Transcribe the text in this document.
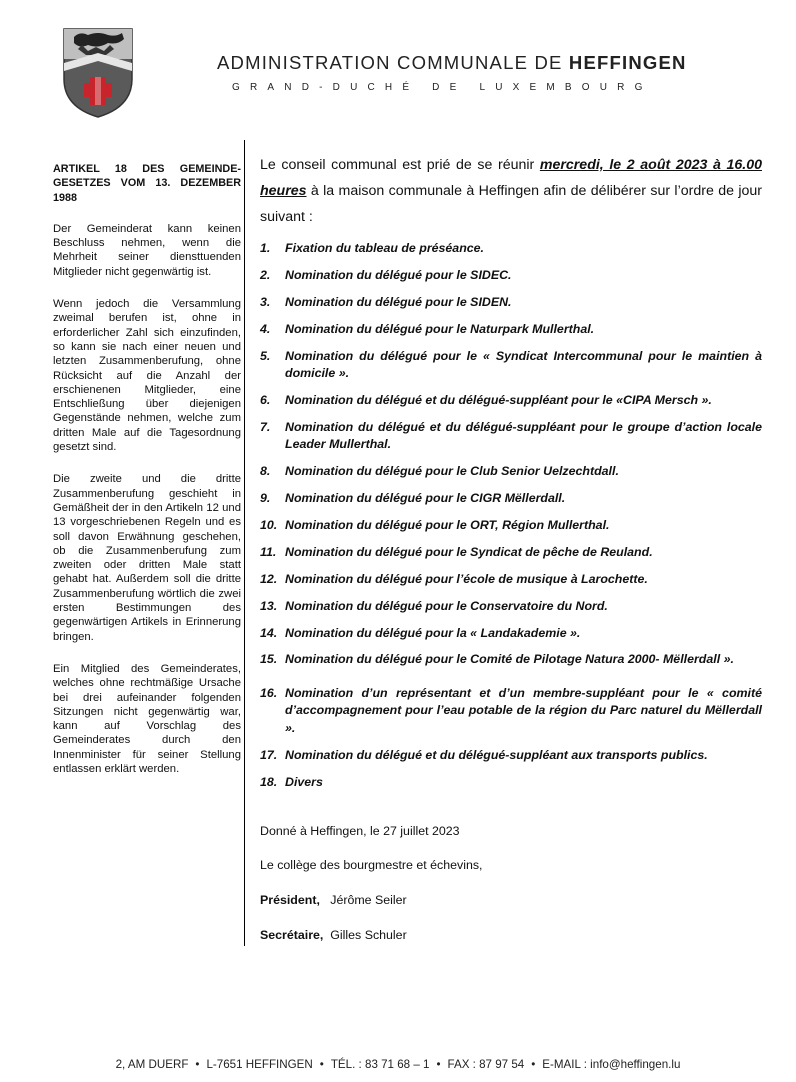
ADMINISTRATION COMMUNALE DE HEFFINGEN
GRAND-DUCHÉ DE LUXEMBOURG

ARTIKEL 18 DES GEMEINDE-GESETZES VOM 13. DEZEMBER 1988

Der Gemeinderat kann keinen Beschluss nehmen, wenn die Mehrheit seiner diensttuenden Mitglieder nicht gegenwärtig ist.

Wenn jedoch die Versammlung zweimal berufen ist, ohne in erforderlicher Zahl sich einzufinden, so kann sie nach einer neuen und letzten Zusammenberufung, ohne Rücksicht auf die Anzahl der erschienenen Mitglieder, eine Entschließung über diejenigen Gegenstände nehmen, welche zum dritten Male auf die Tagesordnung gesetzt sind.

Die zweite und die dritte Zusammenberufung geschieht in Gemäßheit der in den Artikeln 12 und 13 vorgeschriebenen Regeln und es soll davon Erwähnung geschehen, ob die Zusammenberufung zum zweiten oder dritten Male statt gehabt hat. Außerdem soll die dritte Zusammenberufung wörtlich die zwei ersten Bestimmungen des gegenwärtigen Artikels in Erinnerung bringen.

Ein Mitglied des Gemeinderates, welches ohne rechtmäßige Ursache bei drei aufeinander folgenden Sitzungen nicht gegenwärtig war, kann auf Vorschlag des Gemeinderates durch den Innenminister für seiner Stellung entlassen erklärt werden.

Le conseil communal est prié de se réunir mercredi, le 2 août 2023 à 16.00 heures à la maison communale à Heffingen afin de délibérer sur l’ordre de jour suivant :

1.	Fixation du tableau de préséance.
2.	Nomination du délégué pour le SIDEC.
3.	Nomination du délégué pour le SIDEN.
4.	Nomination du délégué pour le Naturpark Mullerthal.
5.	Nomination du délégué pour le « Syndicat Intercommunal pour le maintien à domicile ».
6.	Nomination du délégué et du délégué-suppléant pour le «CIPA Mersch ».
7.	Nomination du délégué et du délégué-suppléant pour le groupe d’action locale Leader Mullerthal.
8.	Nomination du délégué pour le Club Senior Uelzechtdall.
9.	Nomination du délégué pour le CIGR Mëllerdall.
10. Nomination du délégué pour le ORT, Région Mullerthal.
11. Nomination du délégué pour le Syndicat de pêche de Reuland.
12. Nomination du délégué pour l’école de musique à Larochette.
13. Nomination du délégué pour le Conservatoire du Nord.
14. Nomination du délégué pour la « Landakademie ».
15. Nomination du délégué pour le Comité de Pilotage Natura 2000- Mëllerdall ».
16. Nomination d’un représentant et d’un membre-suppléant pour le « comité d’accompagnement pour l’eau potable de la région du Parc naturel du Mëllerdall ».
17. Nomination du délégué et du délégué-suppléant aux transports publics.
18. Divers
Donné à Heffingen, le 27 juillet 2023
Le collège des bourgmestre et échevins,
Président, Jérôme Seiler
Secrétaire, Gilles Schuler
2, AM DUERF • L-7651 HEFFINGEN • TÉL. : 83 71 68 – 1 • FAX : 87 97 54 • E-MAIL : info@heffingen.lu
